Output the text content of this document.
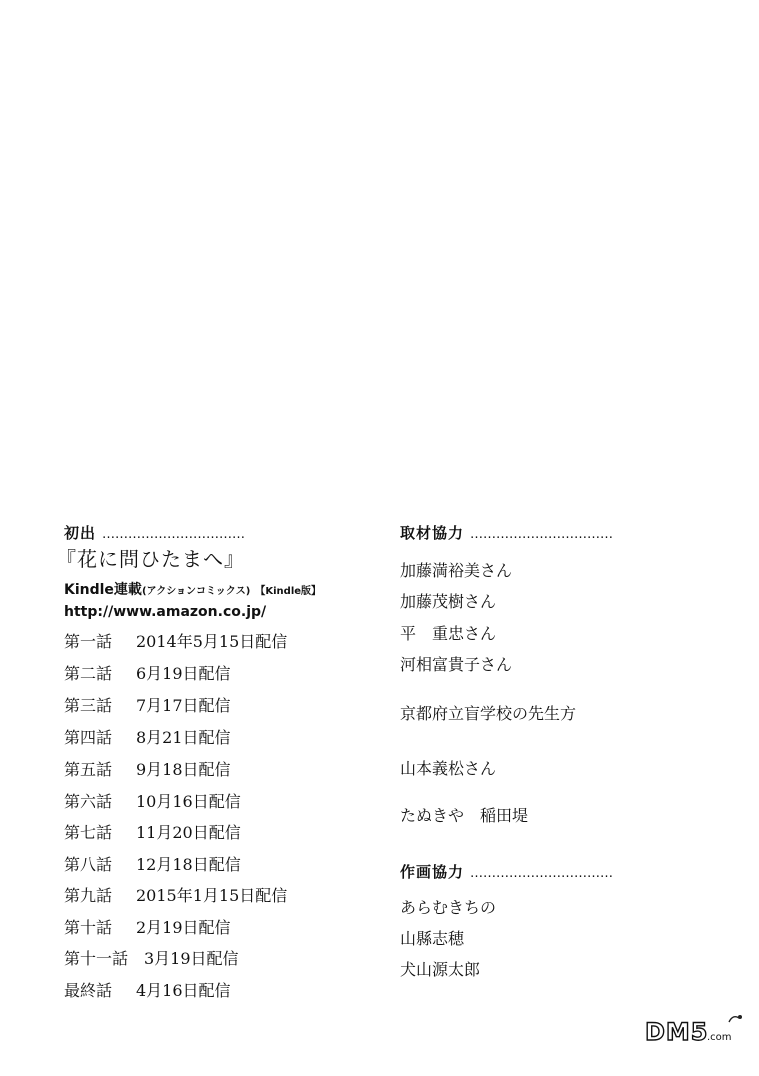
初出 ……………………………
『花に問ひたまへ』
Kindle連載(アクションコミックス) 【Kindle版】
http://www.amazon.co.jp/
第一話 2014年5月15日配信
第二話 6月19日配信
第三話 7月17日配信
第四話 8月21日配信
第五話 9月18日配信
第六話 10月16日配信
第七話 11月20日配信
第八話 12月18日配信
第九話 2015年1月15日配信
第十話 2月19日配信
第十一話 3月19日配信
最終話 4月16日配信
取材協力 ……………………………
加藤満裕美さん
加藤茂樹さん
平　重忠さん
河相富貴子さん
京都府立盲学校の先生方
山本義松さん
たぬきや　稲田堤
作画協力 ……………………………
あらむきちの
山縣志穂
犬山源太郎
DM5
.com
